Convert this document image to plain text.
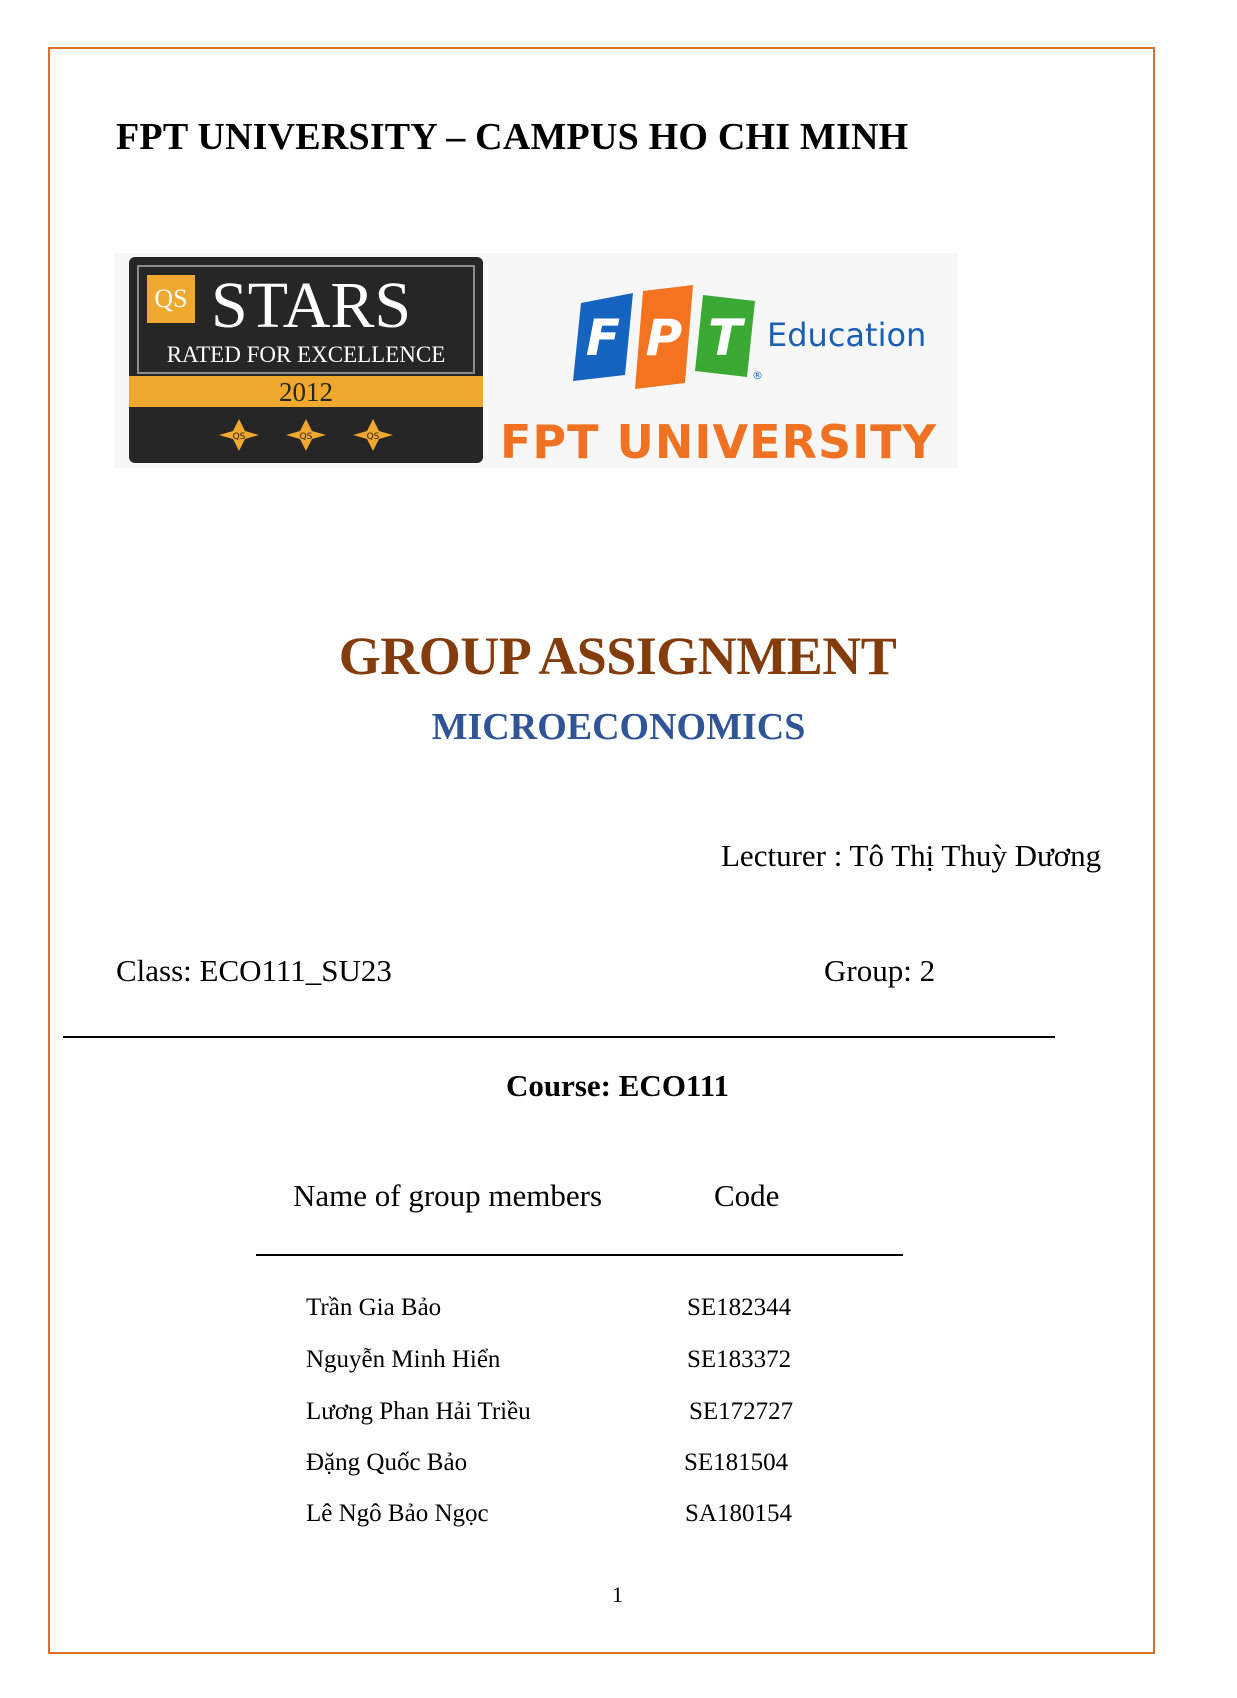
FPT UNIVERSITY – CAMPUS HO CHI MINH
QS STARS
RATED FOR EXCELLENCE
2012
QS	QS	QS
F P T
®
Education
FPT UNIVERSITY
GROUP ASSIGNMENT
MICROECONOMICS
Lecturer : Tô Thị Thuỳ Dương
Class: ECO111_SU23	Group: 2
Course: ECO111
Name of group members	Code
Trần Gia Bảo	SE182344
Nguyễn Minh Hiển	SE183372
Lương Phan Hải Triều	SE172727
Đặng Quốc Bảo	SE181504
Lê Ngô Bảo Ngọc	SA180154
1
